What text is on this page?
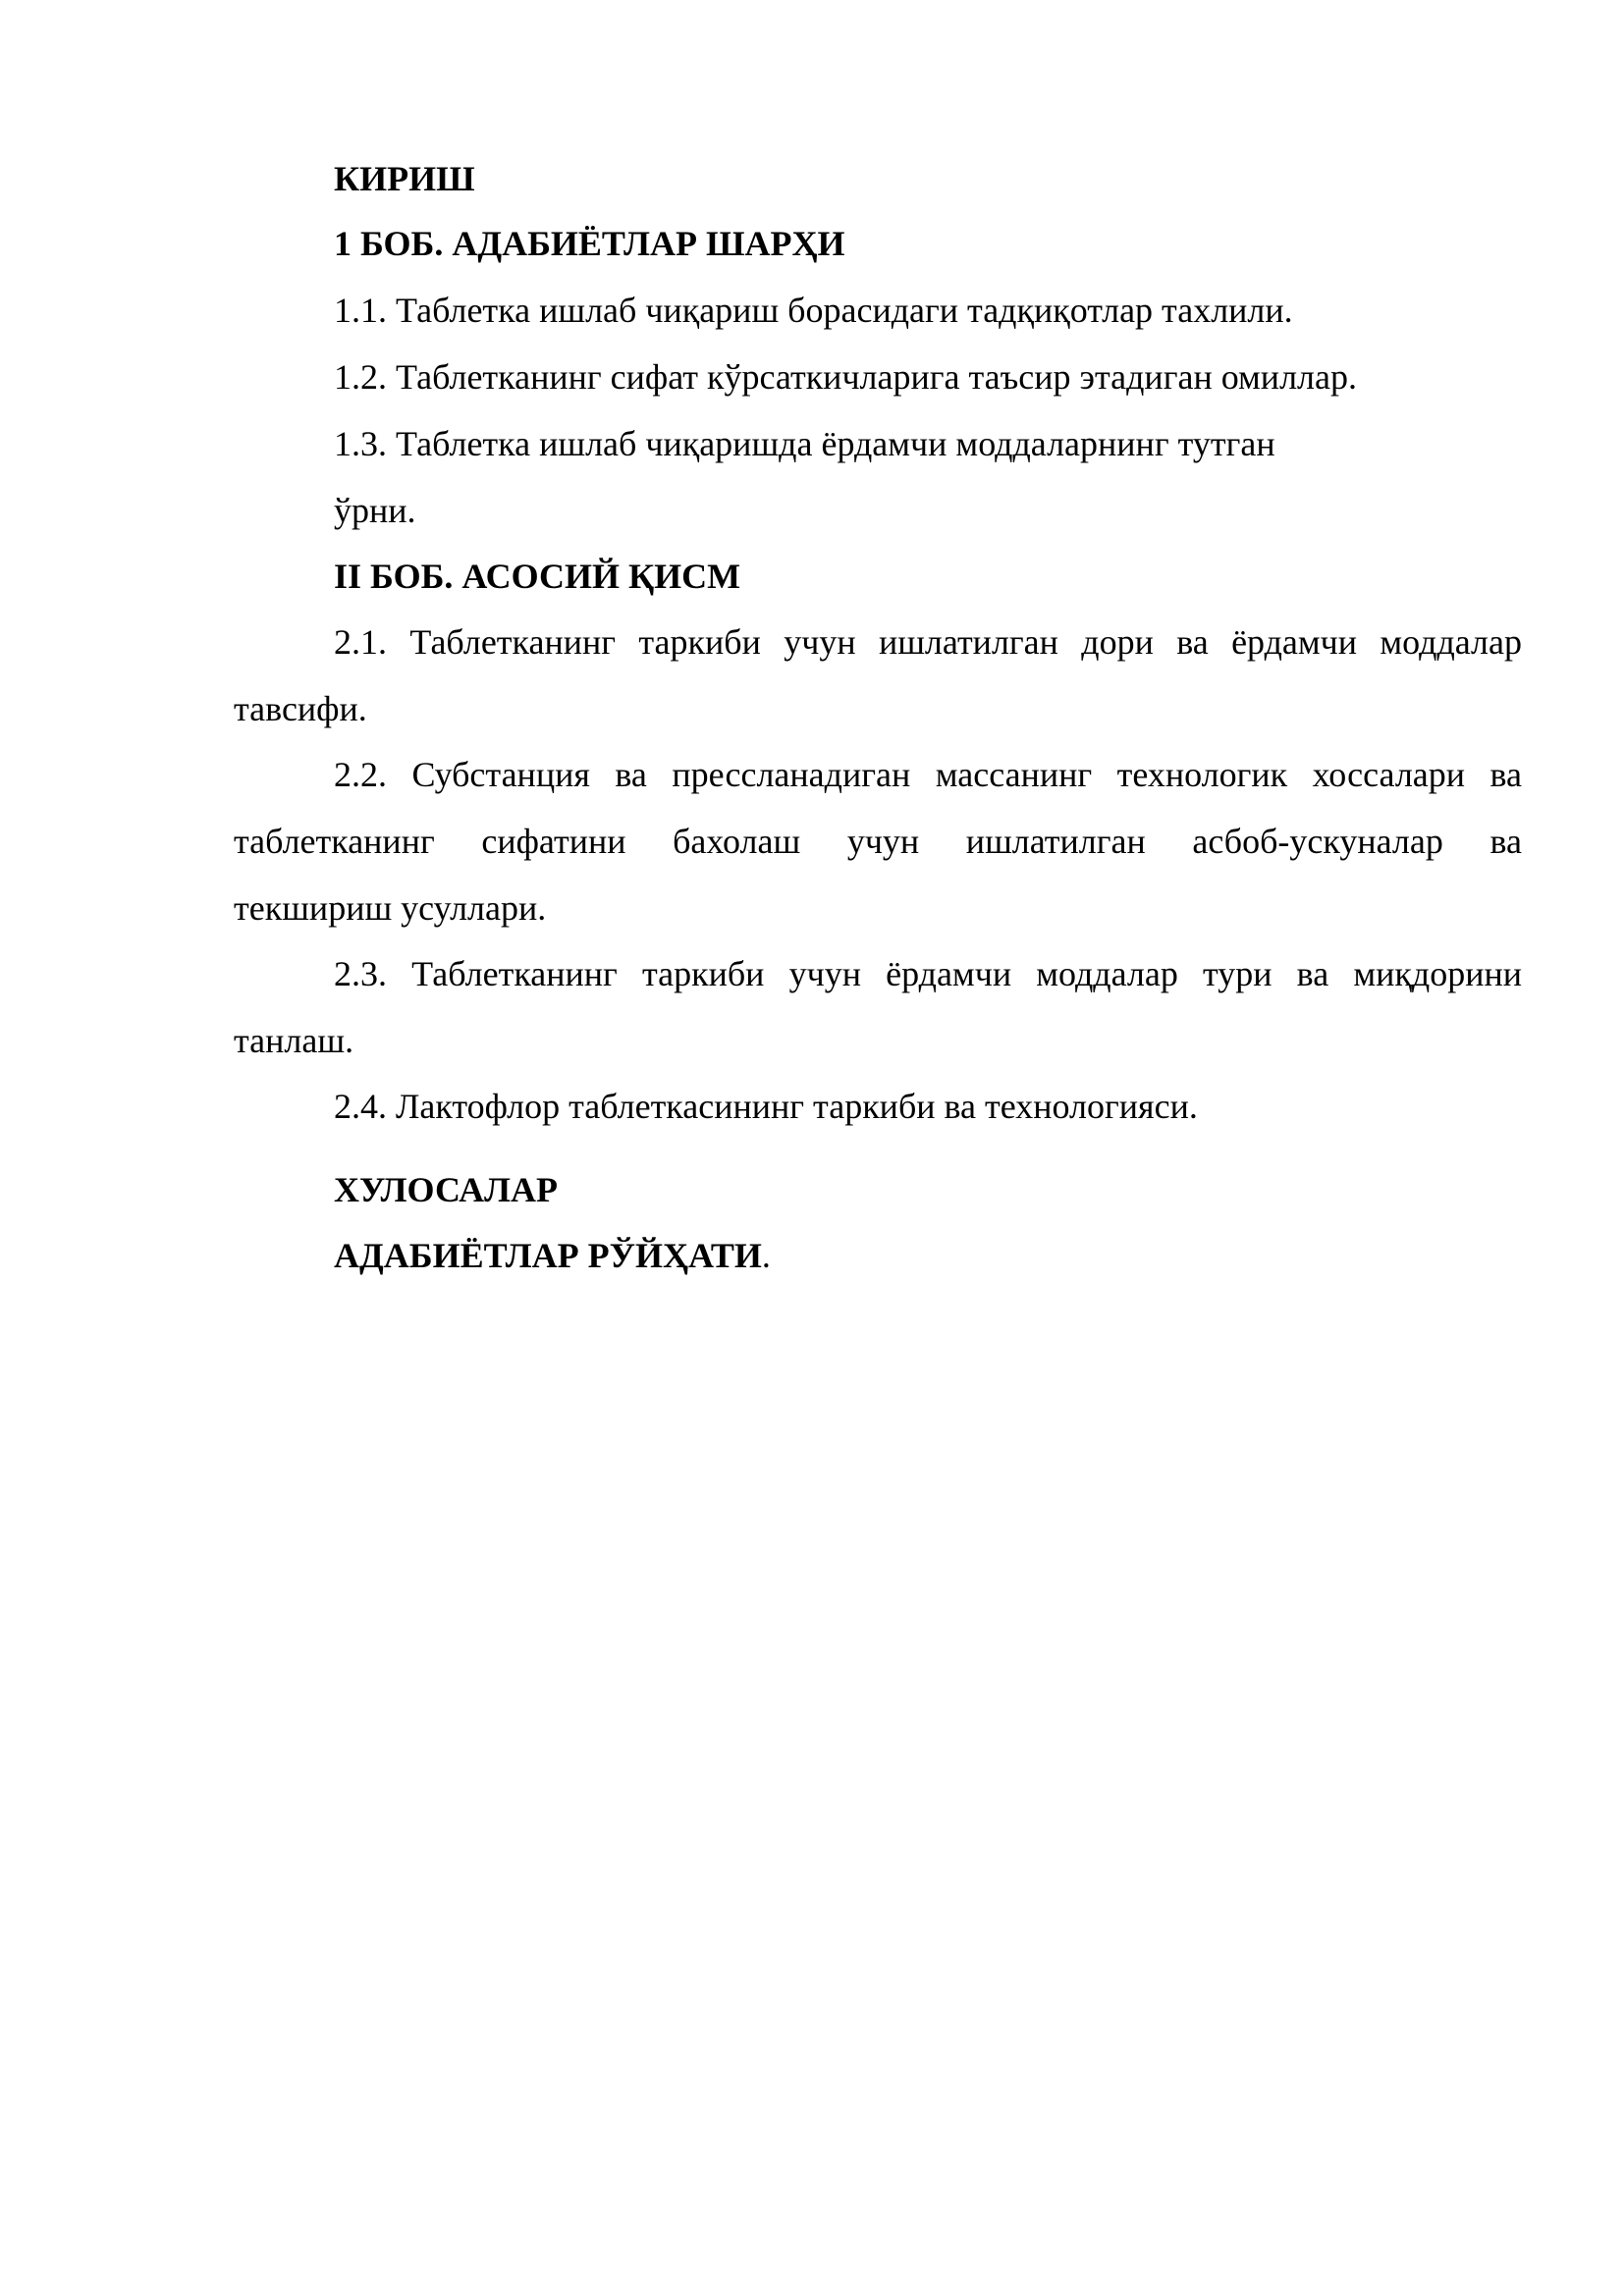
КИРИШ
1 БОБ. АДАБИЁТЛАР ШАРҲИ
1.1. Таблетка ишлаб чиқариш борасидаги тадқиқотлар тахлили.
1.2. Таблетканинг сифат кўрсаткичларига таъсир этадиган омиллар.
1.3. Таблетка ишлаб чиқаришда ёрдамчи моддаларнинг тутган
ўрни.
II БОБ. АСОСИЙ ҚИСМ
2.1. Таблетканинг таркиби учун ишлатилган дори ва ёрдамчи моддалар
тавсифи.
2.2. Субстанция ва прессланадиган массанинг технологик хоссалари ва
таблетканинг сифатини бахолаш учун ишлатилган асбоб-ускуналар ва
текшириш усуллари.
2.3. Таблетканинг таркиби учун ёрдамчи моддалар тури ва миқдорини
танлаш.
2.4. Лактофлор таблеткасининг таркиби ва технологияси.
ХУЛОСАЛАР
АДАБИЁТЛАР РЎЙҲАТИ.
